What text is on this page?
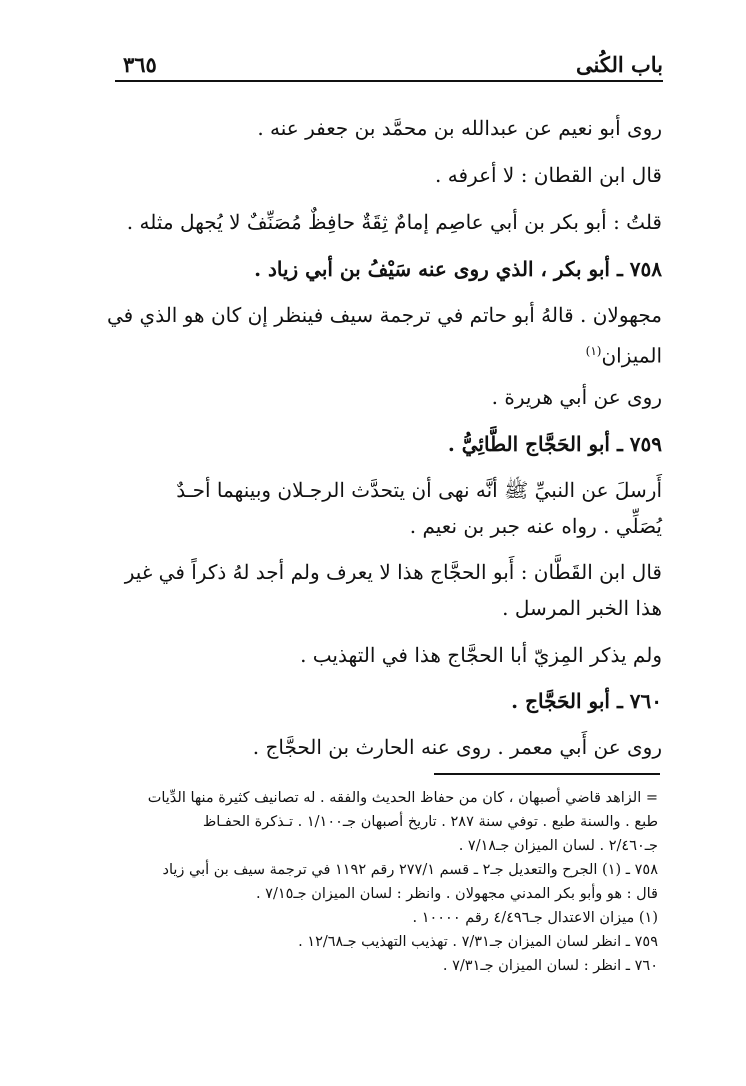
باب الكُنى
٣٦٥
روى أبو نعيم عن عبدالله بن محمَّد بن جعفر عنه .
قال ابن القطان : لا أعرفه .
قلتُ : أبو بكر بن أبي عاصِم إمامٌ ثِقَةٌ حافِظٌ مُصَنِّفٌ لا يُجهل مثله .
٧٥٨ ـ أبو بكر ، الذي روى عنه سَيْفُ بن أبي زياد .
مجهولان . قالهُ أبو حاتم في ترجمة سيف فينظر إن كان هو الذي في
الميزان$^{(١)}$
روى عن أبي هريرة .
٧٥٩ ـ أبو الحَجَّاج الطَّائِيُّ .
أَرسلَ عن النبيِّ ﷺ أنَّه نهى أن يتحدَّث الرجـلان وبينهما أحـدٌ
يُصَلِّي . رواه عنه جبر بن نعيم .
قال ابن القَطَّان : أَبو الحجَّاج هذا لا يعرف ولم أجد لهُ ذكراً في غير
هذا الخبر المرسل .
ولم يذكر المِزيّ أبا الحجَّاج هذا في التهذيب .
٧٦٠ ـ أبو الحَجَّاج .
روى عن أَبي معمر . روى عنه الحارث بن الحجَّاج .
= الزاهد قاضي أصبهان ، كان من حفاظ الحديث والفقه . له تصانيف كثيرة منها الدِّيات
طبع . والسنة طبع . توفي سنة ٢٨٧ . تاريخ أصبهان جـ١/١٠٠ . تـذكرة الحفـاظ
جـ٢/٤٦٠ . لسان الميزان جـ٧/١٨ .
٧٥٨ ـ (١) الجرح والتعديل جـ٢ ـ قسم ٢٧٧/١ رقم ١١٩٢ في ترجمة سيف بن أبي زياد
قال : هو وأبو بكر المدني مجهولان . وانظر : لسان الميزان جـ٧/١٥ .
(١) ميزان الاعتدال جـ٤/٤٩٦ رقم ١٠٠٠٠ .
٧٥٩ ـ انظر لسان الميزان جـ٧/٣١ . تهذيب التهذيب جـ١٢/٦٨ .
٧٦٠ ـ انظر : لسان الميزان جـ٧/٣١ .
